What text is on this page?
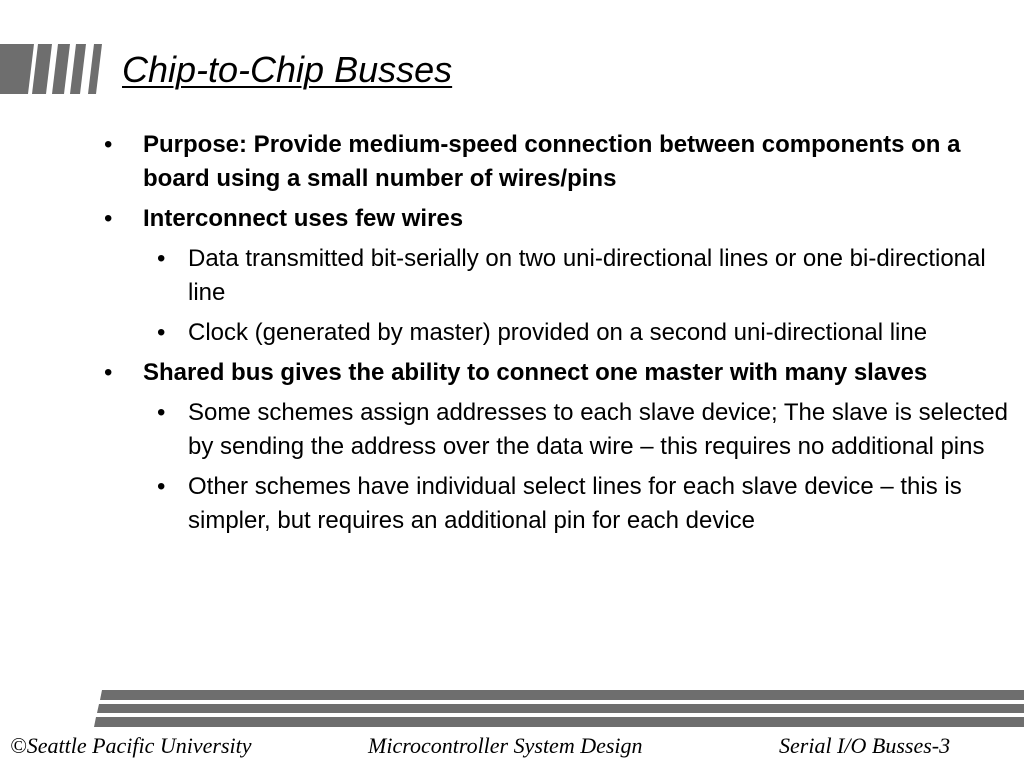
Chip-to-Chip Busses
• Purpose: Provide medium-speed connection between components on a board using a small number of wires/pins
• Interconnect uses few wires
• Data transmitted bit-serially on two uni-directional lines or one bi-directional line
• Clock (generated by master) provided on a second uni-directional line
• Shared bus gives the ability to connect one master with many slaves
• Some schemes assign addresses to each slave device; The slave is selected by sending the address over the data wire – this requires no additional pins
• Other schemes have individual select lines for each slave device – this is simpler, but requires an additional pin for each device
©Seattle Pacific University	Microcontroller System Design	Serial I/O Busses-3
